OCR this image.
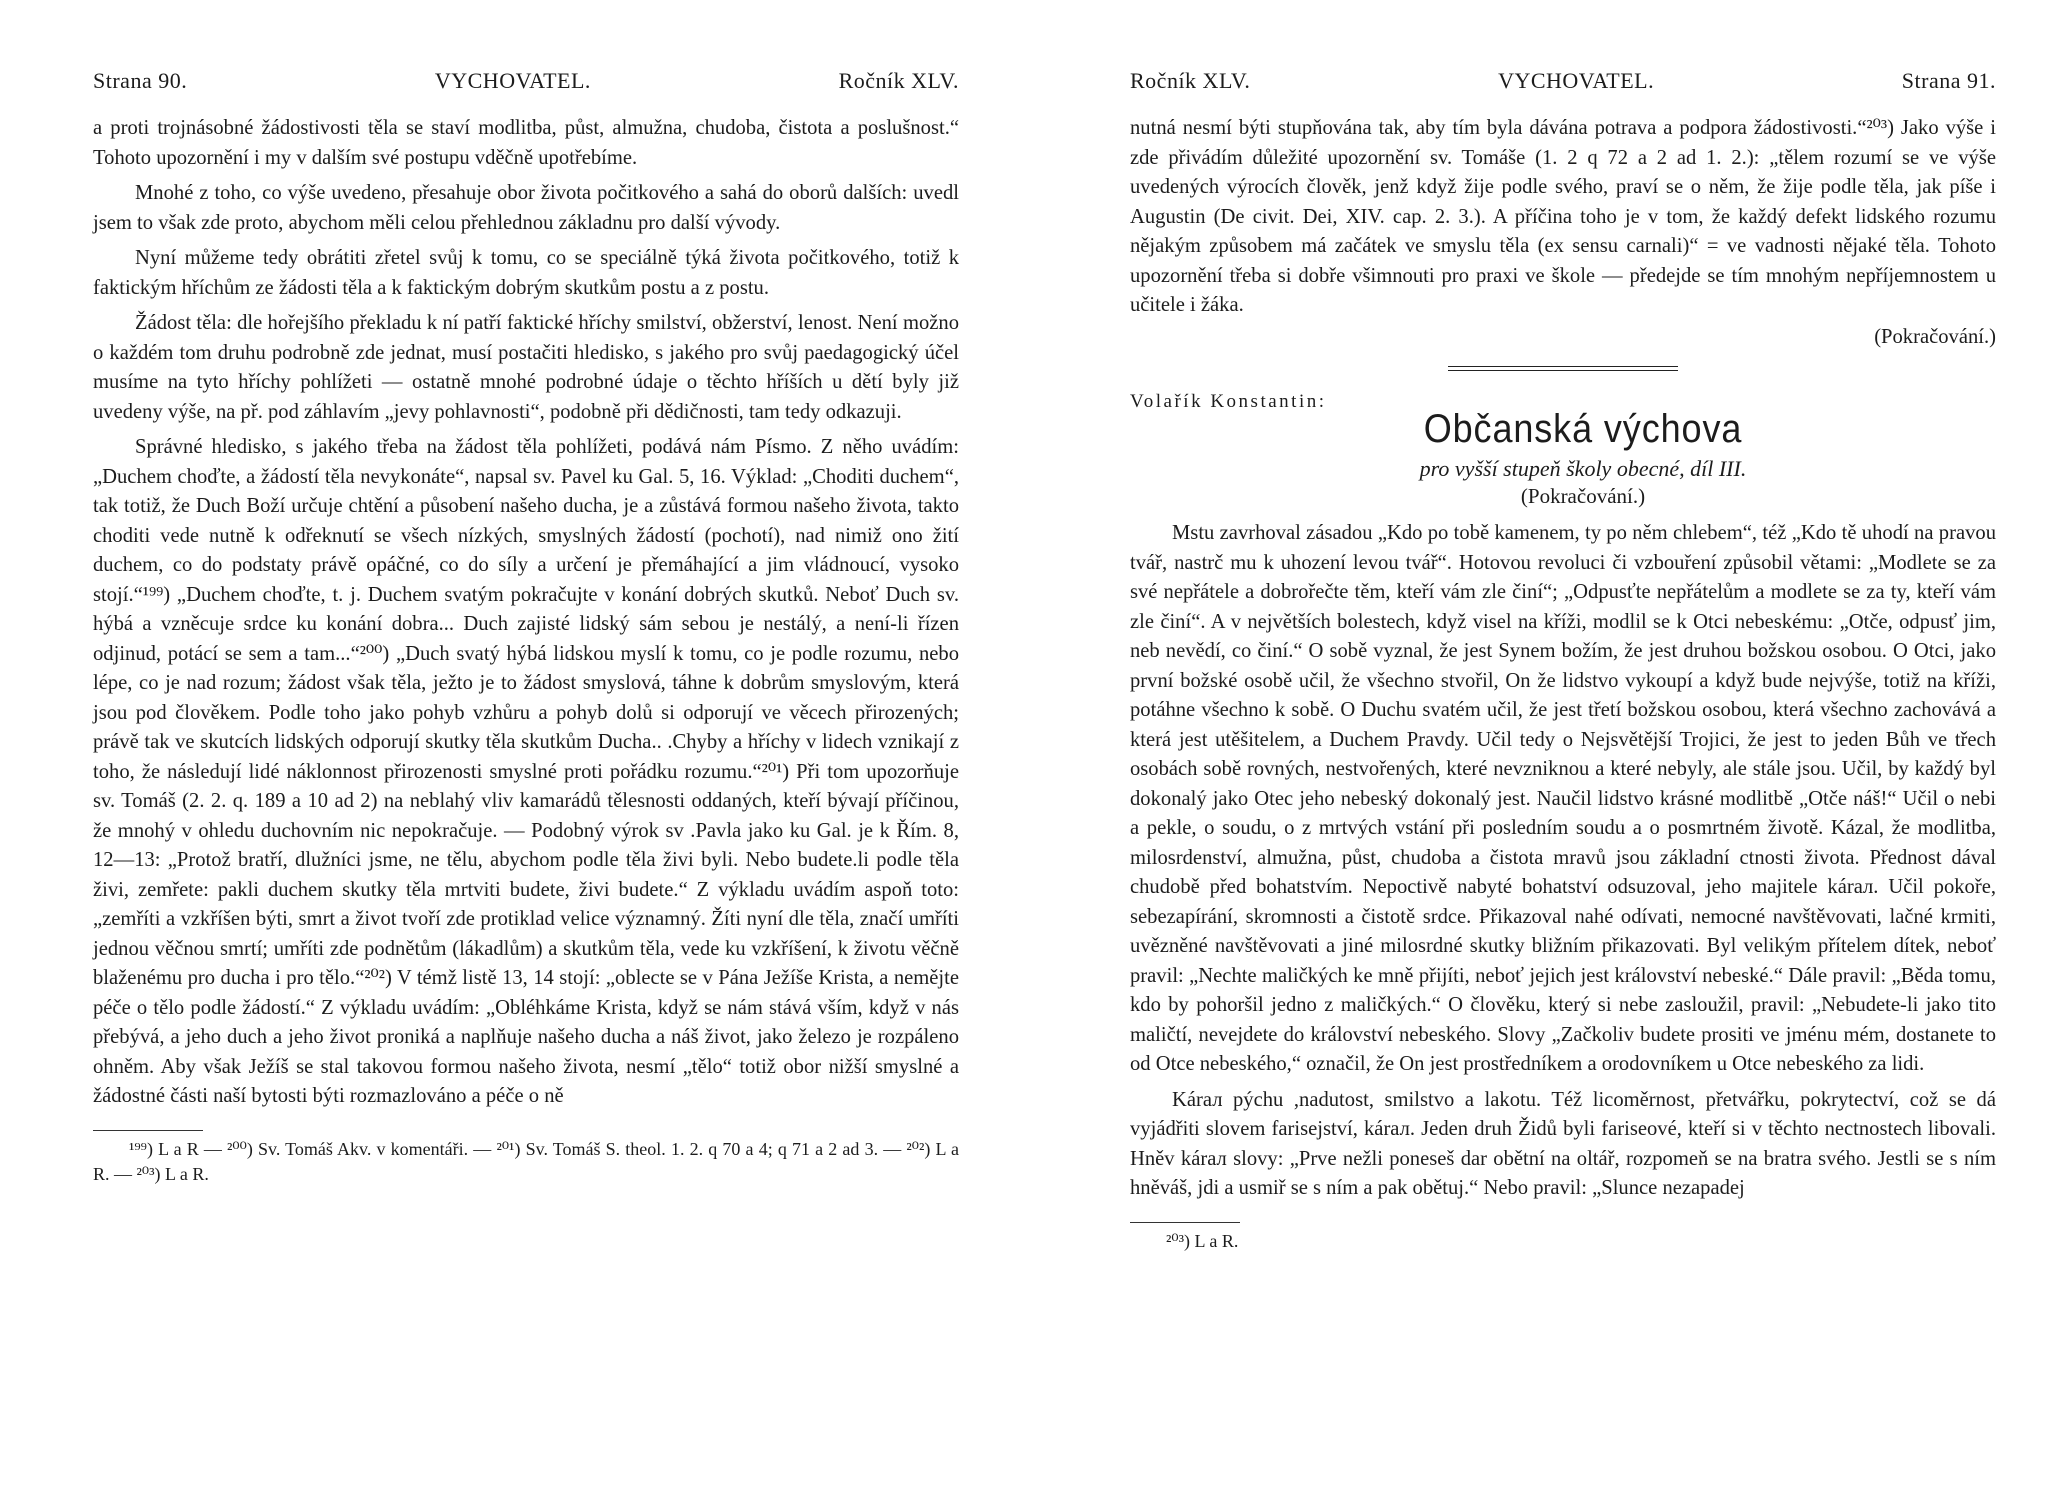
Strana 90.	VYCHOVATEL.	Ročník XLV.

a proti trojnásobné žádostivosti těla se staví modlitba, půst, almužna, chudoba, čistota a poslušnost.“ Tohoto upozornění i my v dalším své postupu vděčně upotřebíme.

Mnohé z toho, co výše uvedeno, přesahuje obor života počitkového a sahá do oborů dalších: uvedl jsem to však zde proto, abychom měli celou přehlednou základnu pro další vývody.

Nyní můžeme tedy obrátiti zřetel svůj k tomu, co se speciálně týká života počitkového, totiž k faktickým hříchům ze žádosti těla a k faktickým dobrým skutkům postu a z postu.

Žádost těla: dle hořejšího překladu k ní patří faktické hříchy smilství, obžerství, lenost. Není možno o každém tom druhu podrobně zde jednat, musí postačiti hledisko, s jakého pro svůj paedagogický účel musíme na tyto hříchy pohlížeti — ostatně mnohé podrobné údaje o těchto hříších u dětí byly již uvedeny výše, na př. pod záhlavím „jevy pohlavnosti“, podobně při dědičnosti, tam tedy odkazuji.

Správné hledisko, s jakého třeba na žádost těla pohlížeti, podává nám Písmo. Z něho uvádím: „Duchem choďte, a žádostí těla nevykonáte“, napsal sv. Pavel ku Gal. 5, 16. Výklad: „Choditi duchem“, tak totiž, že Duch Boží určuje chtění a působení našeho ducha, je a zůstává formou našeho života, takto choditi vede nutně k odřeknutí se všech nízkých, smyslných žádostí (pochotí), nad nimiž ono žití duchem, co do podstaty právě opáčné, co do síly a určení je přemáhající a jim vládnoucí, vysoko stojí.“¹⁹⁹) „Duchem choďte, t. j. Duchem svatým pokračujte v konání dobrých skutků. Neboť Duch sv. hýbá a vzněcuje srdce ku konání dobra... Duch zajisté lidský sám sebou je nestálý, a není-li řízen odjinud, potácí se sem a tam...“²⁰⁰) „Duch svatý hýbá lidskou myslí k tomu, co je podle rozumu, nebo lépe, co je nad rozum; žádost však těla, ježto je to žádost smyslová, táhne k dobrům smyslovým, která jsou pod člověkem. Podle toho jako pohyb vzhůru a pohyb dolů si odporují ve věcech přirozených; právě tak ve skutcích lidských odporují skutky těla skutkům Ducha.. .Chyby a hříchy v lidech vznikají z toho, že následují lidé náklonnost přirozenosti smyslné proti pořádku rozumu.“²⁰¹) Při tom upozorňuje sv. Tomáš (2. 2. q. 189 a 10 ad 2) na neblahý vliv kamarádů tělesnosti oddaných, kteří bývají příčinou, že mnohý v ohledu duchovním nic nepokračuje. — Podobný výrok sv .Pavla jako ku Gal. je k Řím. 8, 12—13: „Protož bratří, dlužníci jsme, ne tělu, abychom podle těla živi byli. Nebo budete.li podle těla živi, zemřete: pakli duchem skutky těla mrtviti budete, živi budete.“ Z výkladu uvádím aspoň toto: „zemříti a vzkříšen býti, smrt a život tvoří zde protiklad velice významný. Žíti nyní dle těla, značí umříti jednou věčnou smrtí; umříti zde podnětům (lákadlům) a skutkům těla, vede ku vzkříšení, k životu věčně blaženému pro ducha i pro tělo.“²⁰²) V témž listě 13, 14 stojí: „oblecte se v Pána Ježíše Krista, a nemějte péče o tělo podle žádostí.“ Z výkladu uvádím: „Obléhkáme Krista, když se nám stává vším, když v nás přebývá, a jeho duch a jeho život proniká a naplňuje našeho ducha a náš život, jako železo je rozpáleno ohněm. Aby však Ježíš se stal takovou formou našeho života, nesmí „tělo“ totiž obor nižší smyslné a žádostné části naší bytosti býti rozmazlováno a péče o ně

¹⁹⁹) L a R — ²⁰⁰) Sv. Tomáš Akv. v komentáři. — ²⁰¹) Sv. Tomáš S. theol. 1. 2. q 70 a 4; q 71 a 2 ad 3. — ²⁰²) L a R. — ²⁰³) L a R.

Ročník XLV.	VYCHOVATEL.	Strana 91.

nutná nesmí býti stupňována tak, aby tím byla dávána potrava a podpora žádostivosti.“²⁰³) Jako výše i zde přivádím důležité upozornění sv. Tomáše (1. 2 q 72 a 2 ad 1. 2.): „tělem rozumí se ve výše uvedených výrocích člověk, jenž když žije podle svého, praví se o něm, že žije podle těla, jak píše i Augustin (De civit. Dei, XIV. cap. 2. 3.). A příčina toho je v tom, že každý defekt lidského rozumu nějakým způsobem má začátek ve smyslu těla (ex sensu carnali)“ = ve vadnosti nějaké těla. Tohoto upozornění třeba si dobře všimnouti pro praxi ve škole — předejde se tím mnohým nepříjemnostem u učitele i žáka.

(Pokračování.)

Volařík Konstantin:

Občanská výchova

pro vyšší stupeň školy obecné, díl III.

(Pokračování.)

Mstu zavrhoval zásadou „Kdo po tobě kamenem, ty po něm chlebem“, též „Kdo tě uhodí na pravou tvář, nastrč mu k uhození levou tvář“. Hotovou revoluci či vzbouření způsobil větami: „Modlete se za své nepřátele a dobrořečte těm, kteří vám zle činí“; „Odpusťte nepřátelům a modlete se za ty, kteří vám zle činí“. A v největších bolestech, když visel na kříži, modlil se k Otci nebeskému: „Otče, odpusť jim, neb nevědí, co činí.“ O sobě vyznal, že jest Synem božím, že jest druhou božskou osobou. O Otci, jako první božské osobě učil, že všechno stvořil, On že lidstvo vykoupí a když bude nejvýše, totiž na kříži, potáhne všechno k sobě. O Duchu svatém učil, že jest třetí božskou osobou, která všechno zachovává a která jest utěšitelem, a Duchem Pravdy. Učil tedy o Nejsvětější Trojici, že jest to jeden Bůh ve třech osobách sobě rovných, nestvořených, které nevzniknou a které nebyly, ale stále jsou. Učil, by každý byl dokonalý jako Otec jeho nebeský dokonalý jest. Naučil lidstvo krásné modlitbě „Otče náš!“ Učil o nebi a pekle, o soudu, o z mrtvých vstání při posledním soudu a o posmrtném životě. Kázal, že modlitba, milosrdenství, almužna, půst, chudoba a čistota mravů jsou základní ctnosti života. Přednost dával chudobě před bohatstvím. Nepoctivě nabyté bohatství odsuzoval, jeho majitele kárал. Učil pokoře, sebezapírání, skromnosti a čistotě srdce. Přikazoval nahé odívati, nemocné navštěvovati, lačné krmiti, uvězněné navštěvovati a jiné milosrdné skutky bližním přikazovati. Byl velikým přítelem dítek, neboť pravil: „Nechte maličkých ke mně přijíti, neboť jejich jest království nebeské.“ Dále pravil: „Běda tomu, kdo by pohoršil jedno z maličkých.“ O člověku, který si nebe zasloužil, pravil: „Nebudete-li jako tito maličtí, nevejdete do království nebeského. Slovy „Začkoliv budete prositi ve jménu mém, dostanete to od Otce nebeského,“ označil, že On jest prostředníkem a orodovníkem u Otce nebeského za lidi.

Kárал pýchu ,nadutost, smilstvo a lakotu. Též licoměrnost, přetvářku, pokrytectví, což se dá vyjádřiti slovem farisejství, kárал. Jeden druh Židů byli fariseové, kteří si v těchto nectnostech libovali. Hněv kárал slovy: „Prve nežli poneseš dar obětní na oltář, rozpomeň se na bratra svého. Jestli se s ním hněváš, jdi a usmiř se s ním a pak obětuj.“ Nebo pravil: „Slunce nezapadej

²⁰³) L a R.
